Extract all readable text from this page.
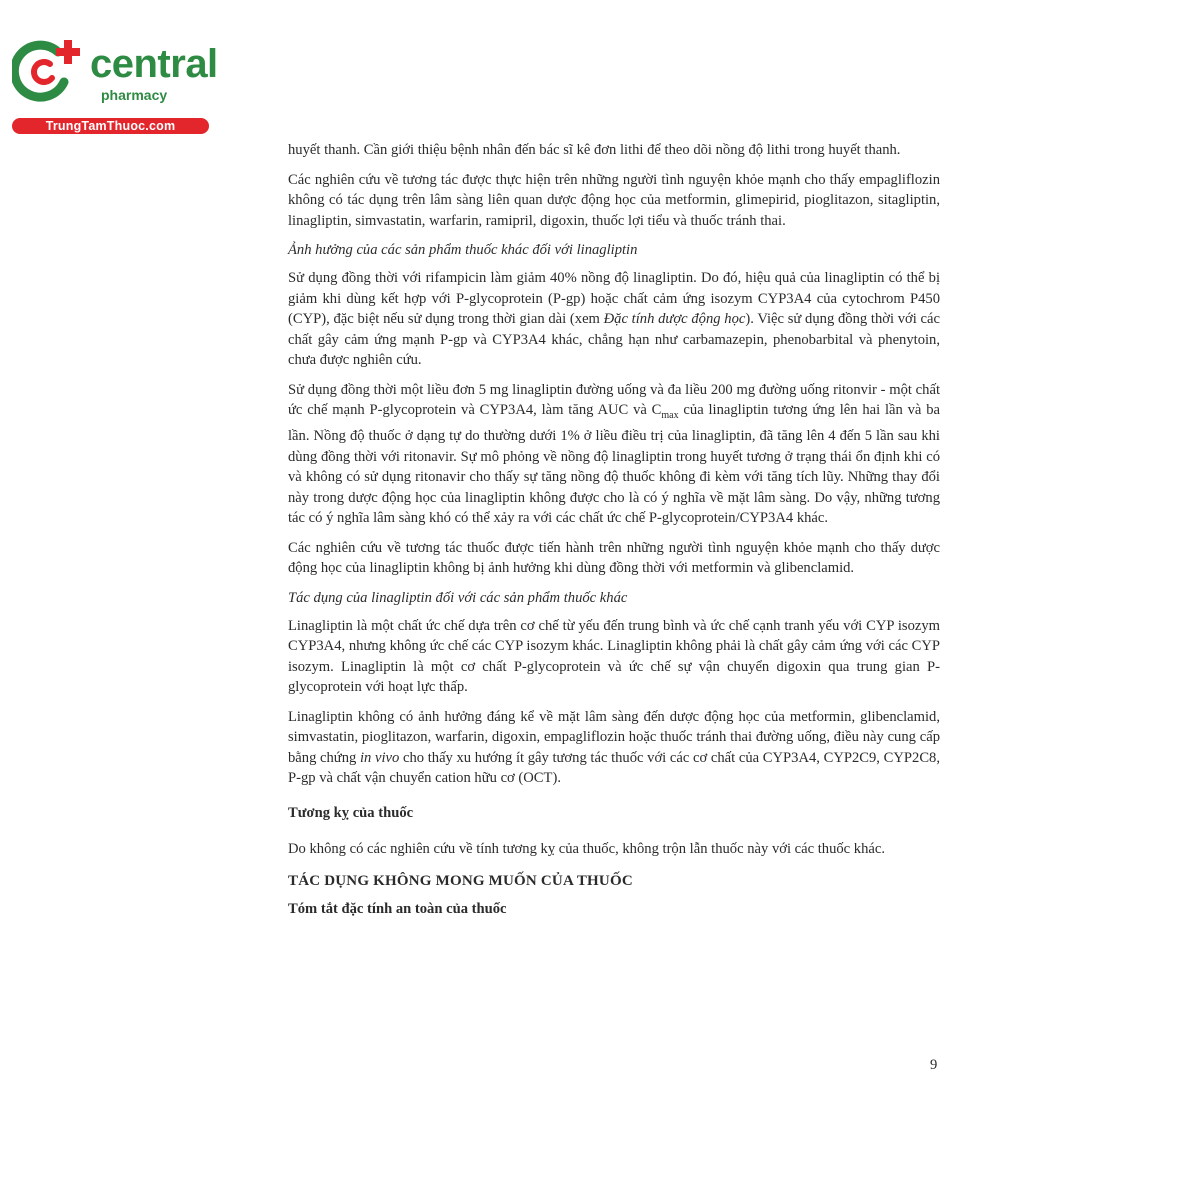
central
pharmacy
TrungTamThuoc.com

huyết thanh. Cần giới thiệu bệnh nhân đến bác sĩ kê đơn lithi để theo dõi nồng độ lithi trong huyết thanh.

Các nghiên cứu về tương tác được thực hiện trên những người tình nguyện khỏe mạnh cho thấy empagliflozin không có tác dụng trên lâm sàng liên quan dược động học của metformin, glimepirid, pioglitazon, sitagliptin, linagliptin, simvastatin, warfarin, ramipril, digoxin, thuốc lợi tiểu và thuốc tránh thai.

Ảnh hưởng của các sản phẩm thuốc khác đối với linagliptin

Sử dụng đồng thời với rifampicin làm giảm 40% nồng độ linagliptin. Do đó, hiệu quả của linagliptin có thể bị giảm khi dùng kết hợp với P-glycoprotein (P-gp) hoặc chất cảm ứng isozym CYP3A4 của cytochrom P450 (CYP), đặc biệt nếu sử dụng trong thời gian dài (xem Đặc tính dược động học). Việc sử dụng đồng thời với các chất gây cảm ứng mạnh P-gp và CYP3A4 khác, chẳng hạn như carbamazepin, phenobarbital và phenytoin, chưa được nghiên cứu.

Sử dụng đồng thời một liều đơn 5 mg linagliptin đường uống và đa liều 200 mg đường uống ritonvir - một chất ức chế mạnh P-glycoprotein và CYP3A4, làm tăng AUC và $C_{max}$ của linagliptin tương ứng lên hai lần và ba lần. Nồng độ thuốc ở dạng tự do thường dưới 1% ở liều điều trị của linagliptin, đã tăng lên 4 đến 5 lần sau khi dùng đồng thời với ritonavir. Sự mô phỏng về nồng độ linagliptin trong huyết tương ở trạng thái ổn định khi có và không có sử dụng ritonavir cho thấy sự tăng nồng độ thuốc không đi kèm với tăng tích lũy. Những thay đổi này trong dược động học của linagliptin không được cho là có ý nghĩa về mặt lâm sàng. Do vậy, những tương tác có ý nghĩa lâm sàng khó có thể xảy ra với các chất ức chế P-glycoprotein/CYP3A4 khác.

Các nghiên cứu về tương tác thuốc được tiến hành trên những người tình nguyện khỏe mạnh cho thấy dược động học của linagliptin không bị ảnh hưởng khi dùng đồng thời với metformin và glibenclamid.

Tác dụng của linagliptin đối với các sản phẩm thuốc khác

Linagliptin là một chất ức chế dựa trên cơ chế từ yếu đến trung bình và ức chế cạnh tranh yếu với CYP isozym CYP3A4, nhưng không ức chế các CYP isozym khác. Linagliptin không phải là chất gây cảm ứng với các CYP isozym. Linagliptin là một cơ chất P-glycoprotein và ức chế sự vận chuyển digoxin qua trung gian P-glycoprotein với hoạt lực thấp.

Linagliptin không có ảnh hưởng đáng kể về mặt lâm sàng đến dược động học của metformin, glibenclamid, simvastatin, pioglitazon, warfarin, digoxin, empagliflozin hoặc thuốc tránh thai đường uống, điều này cung cấp bằng chứng in vivo cho thấy xu hướng ít gây tương tác thuốc với các cơ chất của CYP3A4, CYP2C9, CYP2C8, P-gp và chất vận chuyển cation hữu cơ (OCT).

Tương kỵ của thuốc

Do không có các nghiên cứu về tính tương kỵ của thuốc, không trộn lẫn thuốc này với các thuốc khác.

TÁC DỤNG KHÔNG MONG MUỐN CỦA THUỐC

Tóm tắt đặc tính an toàn của thuốc

9
